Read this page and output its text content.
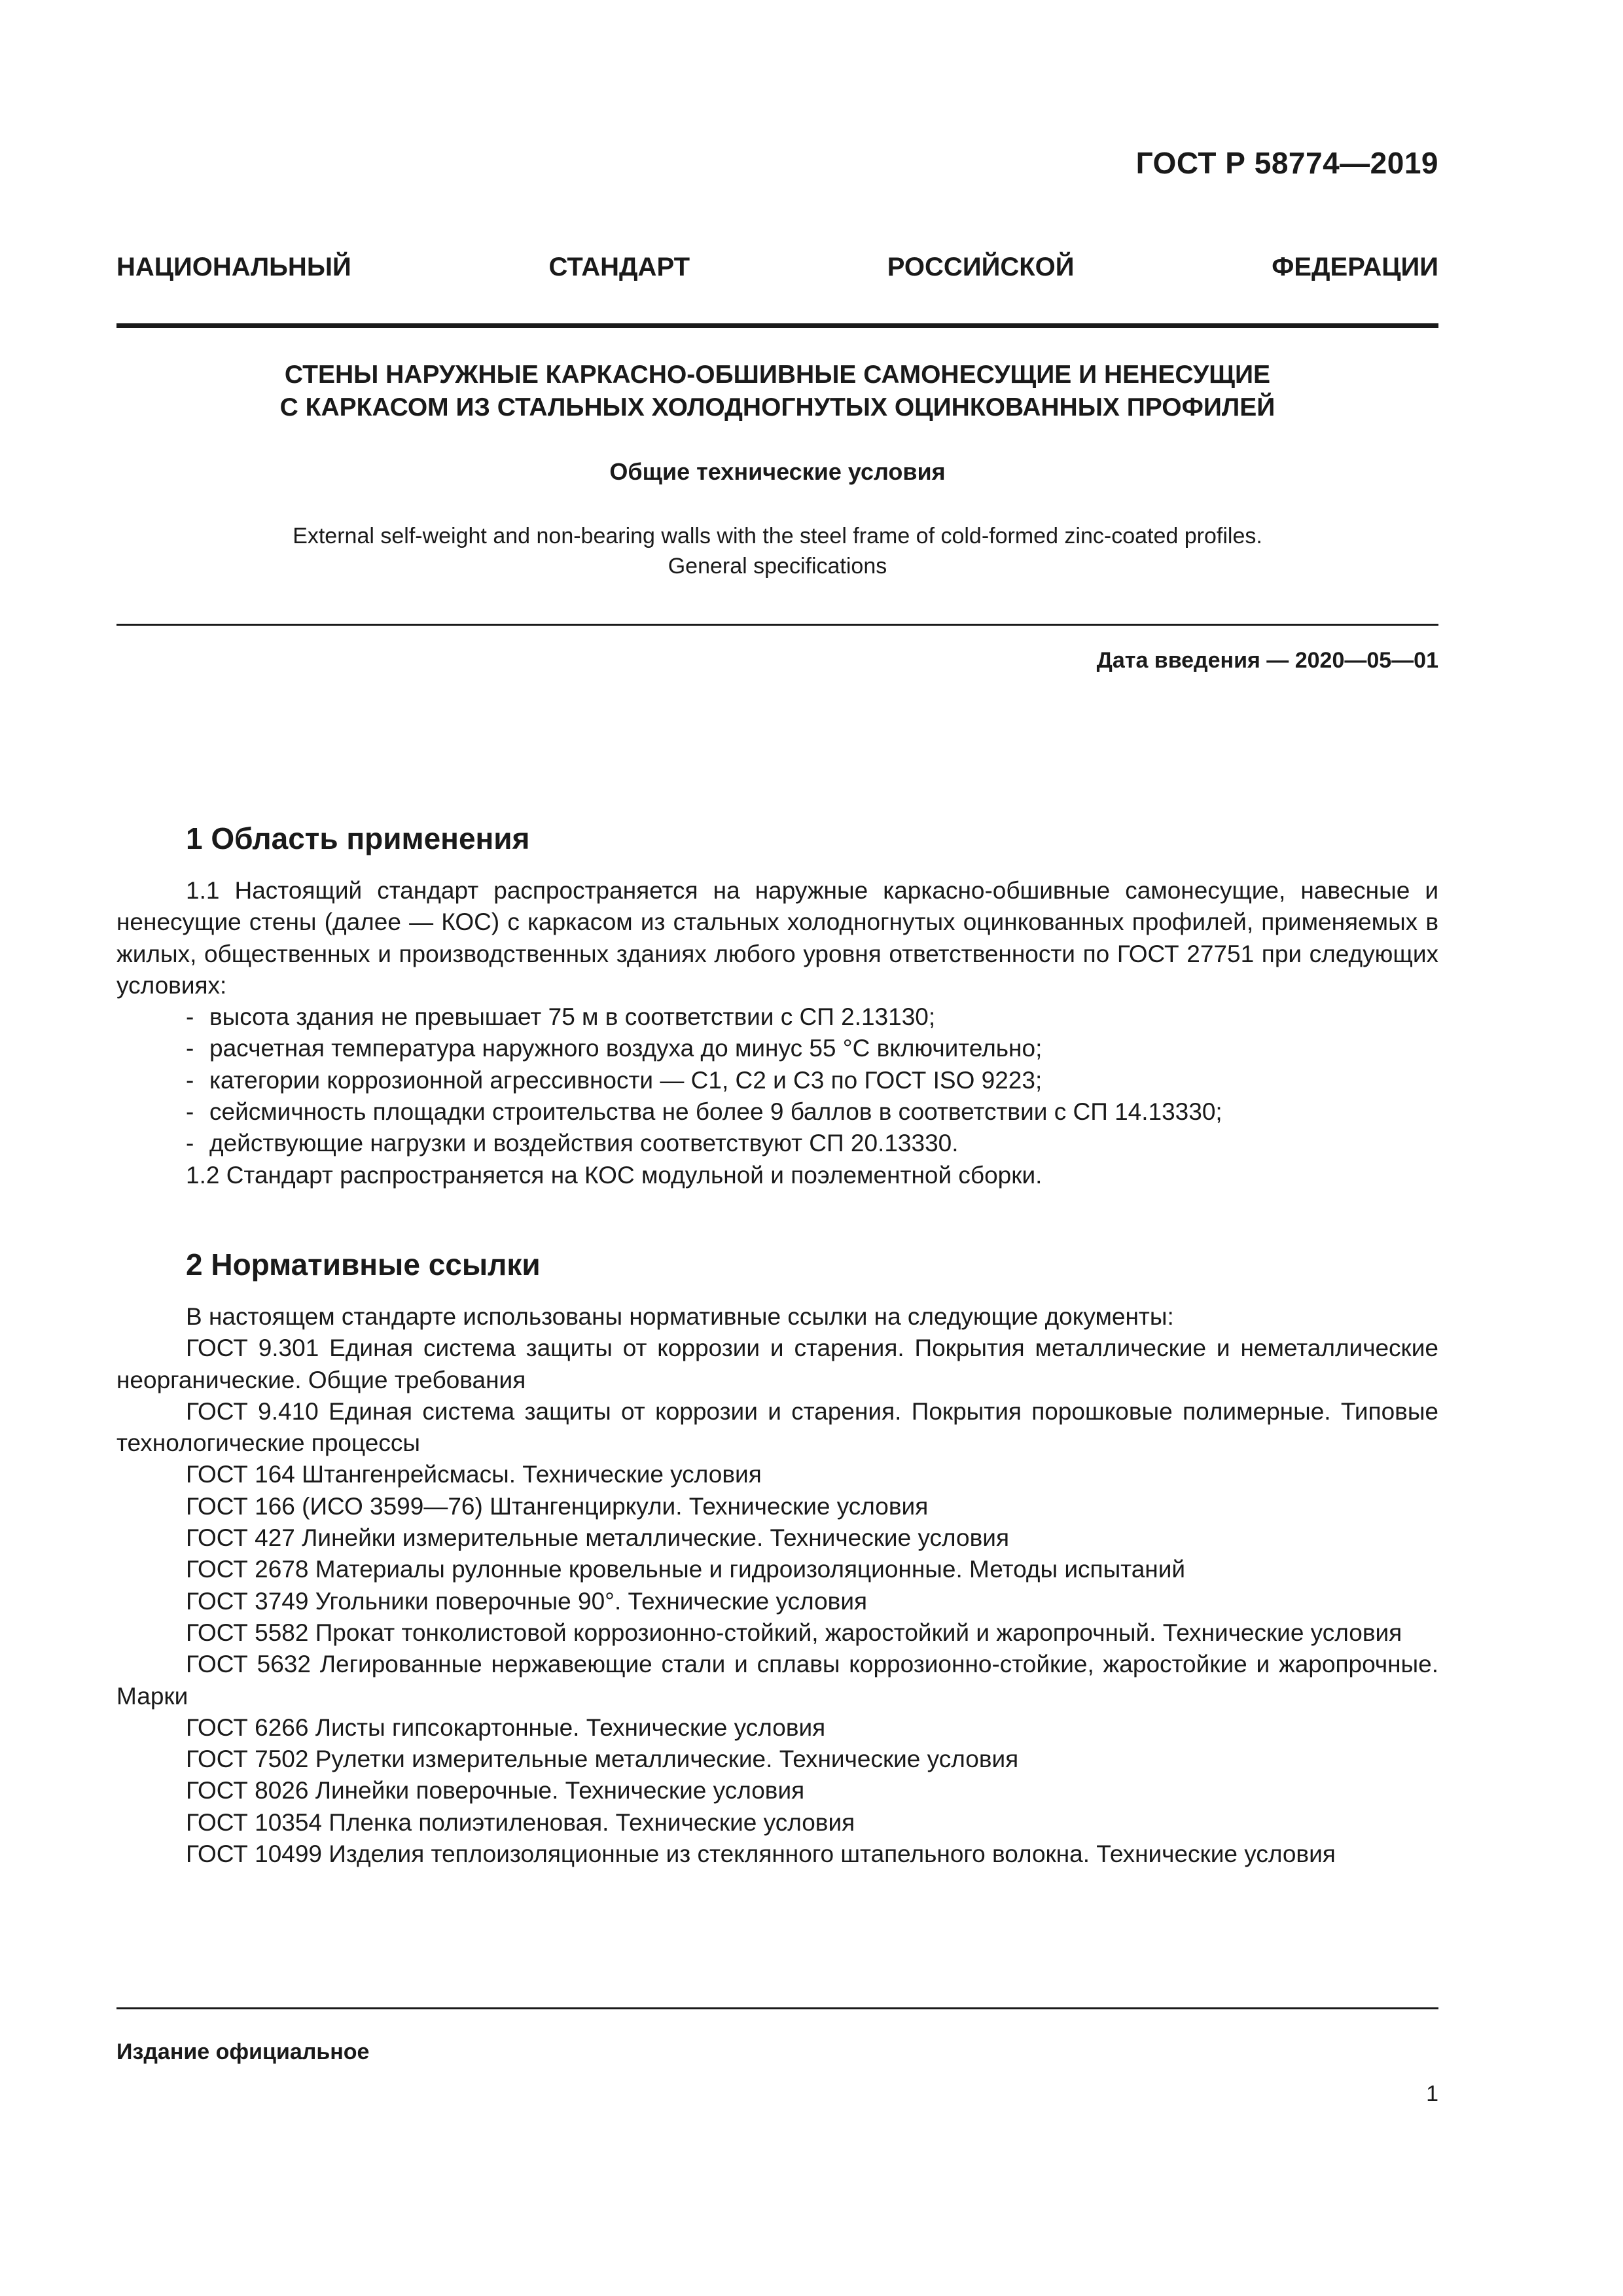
ГОСТ Р 58774—2019
НАЦИОНАЛЬНЫЙ СТАНДАРТ РОССИЙСКОЙ ФЕДЕРАЦИИ
СТЕНЫ НАРУЖНЫЕ КАРКАСНО-ОБШИВНЫЕ САМОНЕСУЩИЕ И НЕНЕСУЩИЕ
С КАРКАСОМ ИЗ СТАЛЬНЫХ ХОЛОДНОГНУТЫХ ОЦИНКОВАННЫХ ПРОФИЛЕЙ
Общие технические условия
External self-weight and non-bearing walls with the steel frame of cold-formed zinc-coated profiles.
General specifications
Дата введения — 2020—05—01
1 Область применения

1.1 Настоящий стандарт распространяется на наружные каркасно-обшивные самонесущие, навесные и ненесущие стены (далее — КОС) с каркасом из стальных холодногнутых оцинкованных профилей, применяемых в жилых, общественных и производственных зданиях любого уровня ответственности по ГОСТ 27751 при следующих условиях:

- высота здания не превышает 75 м в соответствии с СП 2.13130;

- расчетная температура наружного воздуха до минус 55 °С включительно;

- категории коррозионной агрессивности — С1, С2 и С3 по ГОСТ ISO 9223;

- сейсмичность площадки строительства не более 9 баллов в соответствии с СП 14.13330;

- действующие нагрузки и воздействия соответствуют СП 20.13330.

1.2 Стандарт распространяется на КОС модульной и поэлементной сборки.

2 Нормативные ссылки

В настоящем стандарте использованы нормативные ссылки на следующие документы:

ГОСТ 9.301 Единая система защиты от коррозии и старения. Покрытия металлические и неметаллические неорганические. Общие требования

ГОСТ 9.410 Единая система защиты от коррозии и старения. Покрытия порошковые полимерные. Типовые технологические процессы

ГОСТ 164 Штангенрейсмасы. Технические условия

ГОСТ 166 (ИСО 3599—76) Штангенциркули. Технические условия

ГОСТ 427 Линейки измерительные металлические. Технические условия

ГОСТ 2678 Материалы рулонные кровельные и гидроизоляционные. Методы испытаний

ГОСТ 3749 Угольники поверочные 90°. Технические условия

ГОСТ 5582 Прокат тонколистовой коррозионно-стойкий, жаростойкий и жаропрочный. Технические условия

ГОСТ 5632 Легированные нержавеющие стали и сплавы коррозионно-стойкие, жаростойкие и жаропрочные. Марки

ГОСТ 6266 Листы гипсокартонные. Технические условия

ГОСТ 7502 Рулетки измерительные металлические. Технические условия

ГОСТ 8026 Линейки поверочные. Технические условия

ГОСТ 10354 Пленка полиэтиленовая. Технические условия

ГОСТ 10499 Изделия теплоизоляционные из стеклянного штапельного волокна. Технические условия

Издание официальное
1
